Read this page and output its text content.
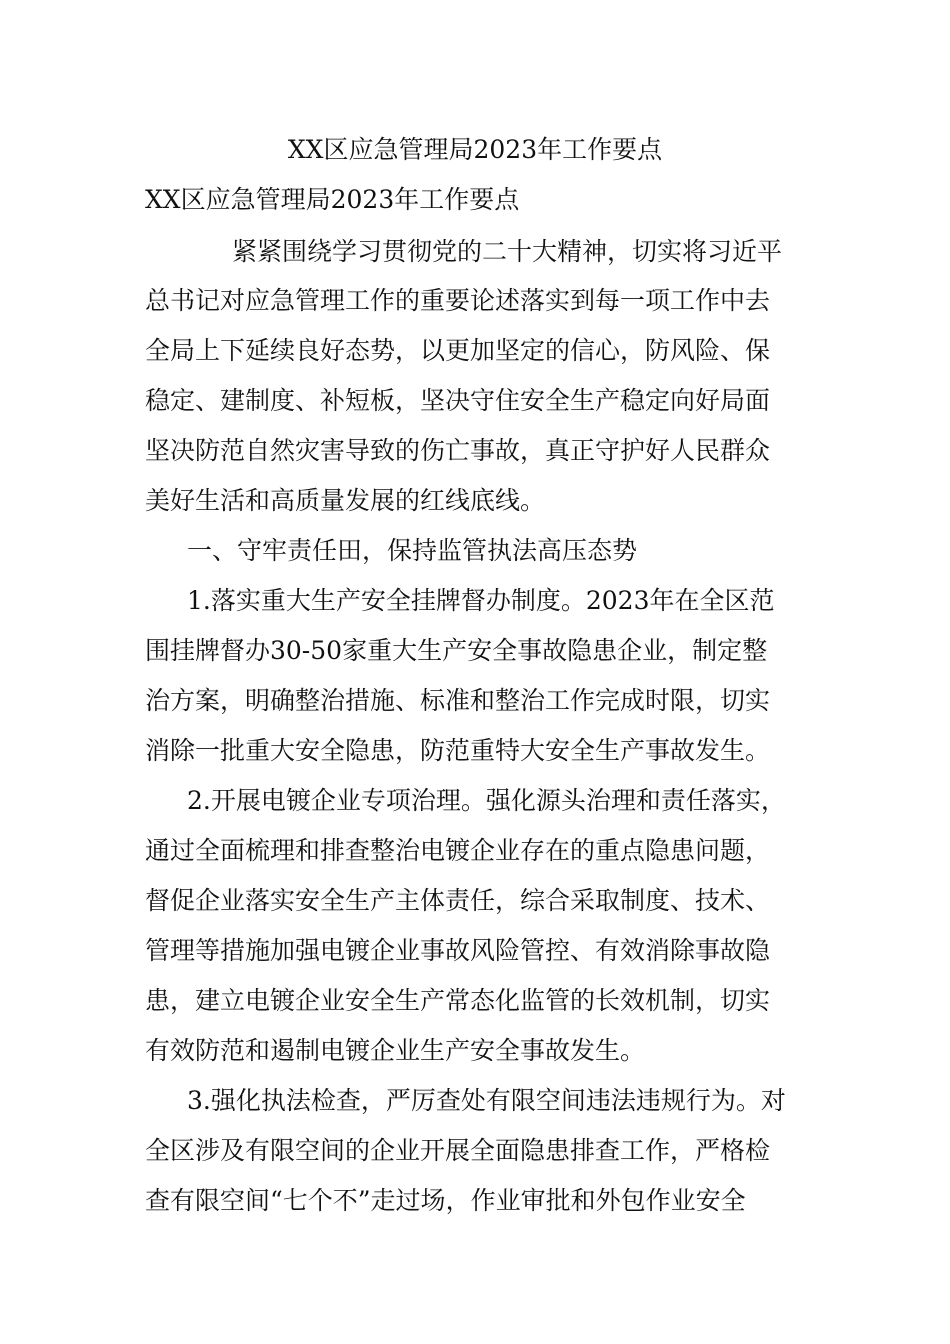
XX区应急管理局2023年工作要点
XX区应急管理局2023年工作要点
紧紧围绕学习贯彻党的二十大精神，切实将习近平
总书记对应急管理工作的重要论述落实到每一项工作中去
全局上下延续良好态势，以更加坚定的信心，防风险、保
稳定、建制度、补短板，坚决守住安全生产稳定向好局面
坚决防范自然灾害导致的伤亡事故，真正守护好人民群众
美好生活和高质量发展的红线底线。
一、守牢责任田，保持监管执法高压态势
1.落实重大生产安全挂牌督办制度。2023年在全区范
围挂牌督办30-50家重大生产安全事故隐患企业，制定整
治方案，明确整治措施、标准和整治工作完成时限，切实
消除一批重大安全隐患，防范重特大安全生产事故发生。
2.开展电镀企业专项治理。强化源头治理和责任落实，
通过全面梳理和排查整治电镀企业存在的重点隐患问题，
督促企业落实安全生产主体责任，综合采取制度、技术、
管理等措施加强电镀企业事故风险管控、有效消除事故隐
患，建立电镀企业安全生产常态化监管的长效机制，切实
有效防范和遏制电镀企业生产安全事故发生。
3.强化执法检查，严厉查处有限空间违法违规行为。对
全区涉及有限空间的企业开展全面隐患排查工作，严格检
查有限空间“七个不”走过场，作业审批和外包作业安全
